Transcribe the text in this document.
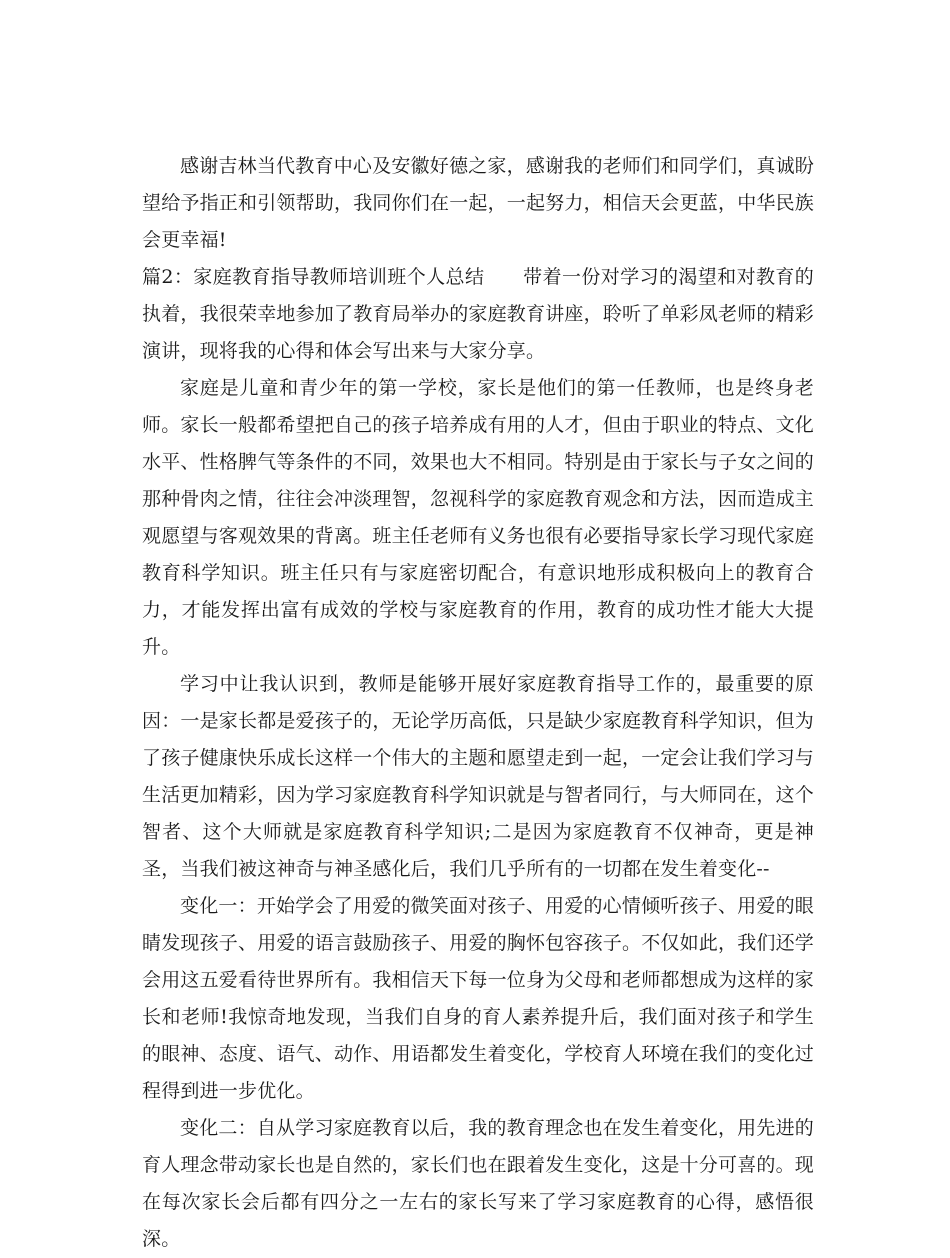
感谢吉林当代教育中心及安徽好德之家，感谢我的老师们和同学们，真诚盼望给予指正和引领帮助，我同你们在一起，一起努力，相信天会更蓝，中华民族会更幸福!

篇2：家庭教育指导教师培训班个人总结　　带着一份对学习的渴望和对教育的执着，我很荣幸地参加了教育局举办的家庭教育讲座，聆听了单彩凤老师的精彩演讲，现将我的心得和体会写出来与大家分享。

家庭是儿童和青少年的第一学校，家长是他们的第一任教师，也是终身老师。家长一般都希望把自己的孩子培养成有用的人才，但由于职业的特点、文化水平、性格脾气等条件的不同，效果也大不相同。特别是由于家长与子女之间的那种骨肉之情，往往会冲淡理智，忽视科学的家庭教育观念和方法，因而造成主观愿望与客观效果的背离。班主任老师有义务也很有必要指导家长学习现代家庭教育科学知识。班主任只有与家庭密切配合，有意识地形成积极向上的教育合力，才能发挥出富有成效的学校与家庭教育的作用，教育的成功性才能大大提升。

学习中让我认识到，教师是能够开展好家庭教育指导工作的，最重要的原因：一是家长都是爱孩子的，无论学历高低，只是缺少家庭教育科学知识，但为了孩子健康快乐成长这样一个伟大的主题和愿望走到一起，一定会让我们学习与生活更加精彩，因为学习家庭教育科学知识就是与智者同行，与大师同在，这个智者、这个大师就是家庭教育科学知识;二是因为家庭教育不仅神奇，更是神圣，当我们被这神奇与神圣感化后，我们几乎所有的一切都在发生着变化--

变化一：开始学会了用爱的微笑面对孩子、用爱的心情倾听孩子、用爱的眼睛发现孩子、用爱的语言鼓励孩子、用爱的胸怀包容孩子。不仅如此，我们还学会用这五爱看待世界所有。我相信天下每一位身为父母和老师都想成为这样的家长和老师!我惊奇地发现，当我们自身的育人素养提升后，我们面对孩子和学生的眼神、态度、语气、动作、用语都发生着变化，学校育人环境在我们的变化过程得到进一步优化。

变化二：自从学习家庭教育以后，我的教育理念也在发生着变化，用先进的育人理念带动家长也是自然的，家长们也在跟着发生变化，这是十分可喜的。现在每次家长会后都有四分之一左右的家长写来了学习家庭教育的心得，感悟很深。
